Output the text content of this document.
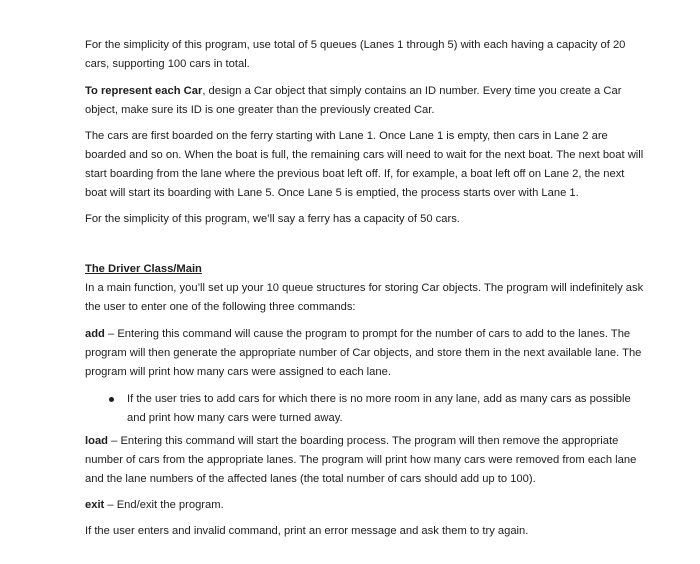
For the simplicity of this program, use total of 5 queues (Lanes 1 through 5) with each having a capacity of 20 cars, supporting 100 cars in total.

To represent each Car, design a Car object that simply contains an ID number. Every time you create a Car object, make sure its ID is one greater than the previously created Car.

The cars are first boarded on the ferry starting with Lane 1. Once Lane 1 is empty, then cars in Lane 2 are boarded and so on. When the boat is full, the remaining cars will need to wait for the next boat. The next boat will start boarding from the lane where the previous boat left off. If, for example, a boat left off on Lane 2, the next boat will start its boarding with Lane 5. Once Lane 5 is emptied, the process starts over with Lane 1.

For the simplicity of this program, we’ll say a ferry has a capacity of 50 cars.

The Driver Class/Main

In a main function, you’ll set up your 10 queue structures for storing Car objects. The program will indefinitely ask the user to enter one of the following three commands:

add – Entering this command will cause the program to prompt for the number of cars to add to the lanes. The program will then generate the appropriate number of Car objects, and store them in the next available lane. The program will print how many cars were assigned to each lane.

If the user tries to add cars for which there is no more room in any lane, add as many cars as possible and print how many cars were turned away.

load – Entering this command will start the boarding process. The program will then remove the appropriate number of cars from the appropriate lanes. The program will print how many cars were removed from each lane and the lane numbers of the affected lanes (the total number of cars should add up to 100).

exit – End/exit the program.

If the user enters and invalid command, print an error message and ask them to try again.
